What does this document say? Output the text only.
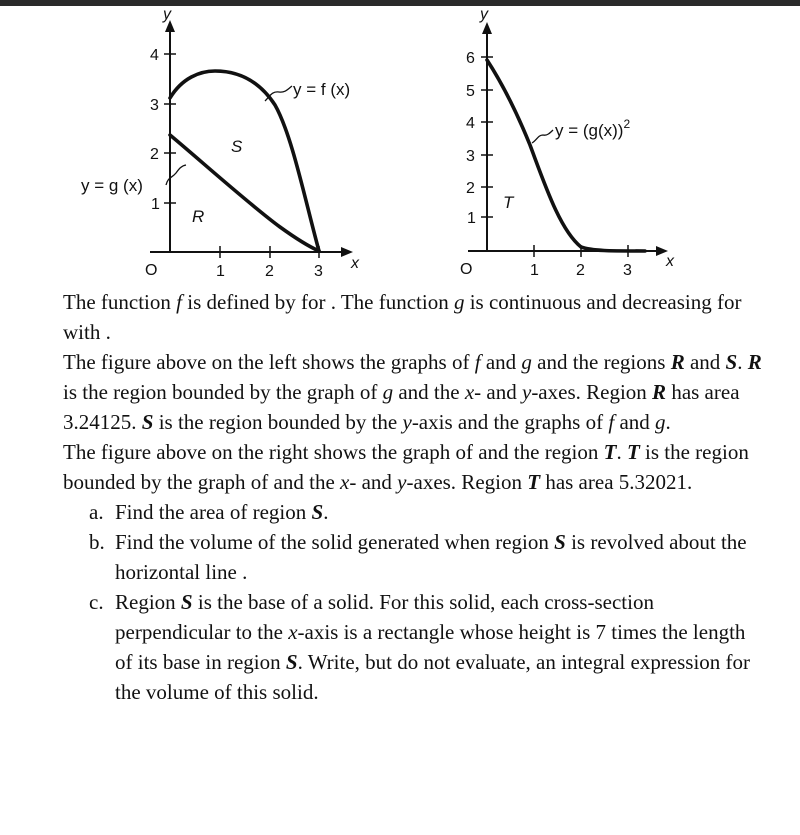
y
x
O	1	2	3
1
2
3
4
y = f (x)
y = g (x)
S
R
y
x
O	1 2 3
1
2
3
4
5
6
$y = (g(x))^2$
T

The function f is defined by for . The function g is continuous and decreasing for with .

The figure above on the left shows the graphs of f and g and the regions R and S. R is the region bounded by the graph of g and the x- and y-axes. Region R has area 3.24125. S is the region bounded by the y-axis and the graphs of f and g.

The figure above on the right shows the graph of and the region T. T is the region bounded by the graph of and the x- and y-axes. Region T has area 5.32021.

a. Find the area of region S.
b. Find the volume of the solid generated when region S is revolved about the horizontal line .
c. Region S is the base of a solid. For this solid, each cross-section perpendicular to the x-axis is a rectangle whose height is 7 times the length of its base in region S. Write, but do not evaluate, an integral expression for the volume of this solid.
